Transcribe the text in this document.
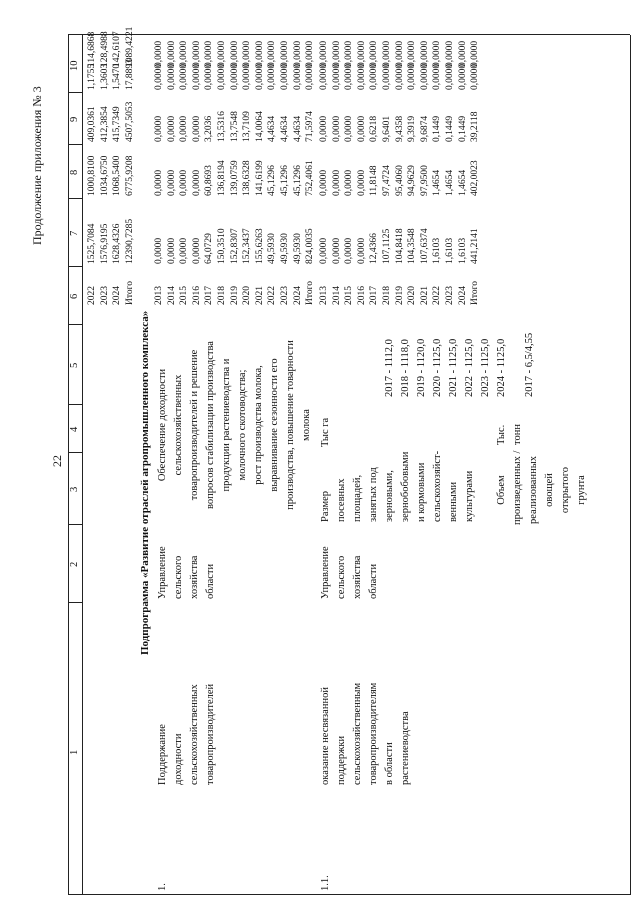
22
Продолжение приложения № 3
1
2
3
4
5
6
7
8
9
10
2022 2023 2024 Итого
1525,7084 1576,9195 1628,4326 12390,7285
1000,8100 1034,6750 1068,5400 6775,9208
409,0361 412,3854 415,7349 4507,5053
1,1755 1,3603 1,5470 17,8893
114,6868 128,4988 142,6107 1089,4221
Подпрограмма «Развитие отраслей агропромышленного комплекса»
1.
Поддержание доходности сельскохозяйственных товаропроизводителей
Управление сельского хозяйства области
Обеспечение доходности сельскохозяйственных товаропроизводителей и решение вопросов стабилизации производства продукции растениеводства и молочного скотоводства; рост производства молока, выравнивание сезонности его производства, повышение товарности молока
2013 2014 2015 2016 2017 2018 2019 2020 2021 2022 2023 2024 Итого
0,0000 0,0000 0,0000 0,0000 64,0729 150,3510 152,8307 152,3437 155,6263 49,5930 49,5930 49,5930 824,0035
0,0000 0,0000 0,0000 0,0000 60,8693 136,8194 139,0759 138,6328 141,6199 45,1296 45,1296 45,1296 752,4061
0,0000 0,0000 0,0000 0,0000 3,2036 13,5316 13,7548 13,7109 14,0064 4,4634 4,4634 4,4634 71,5974
0,0000 0,0000 0,0000 0,0000 0,0000 0,0000 0,0000 0,0000 0,0000 0,0000 0,0000 0,0000 0,0000
0,0000 0,0000 0,0000 0,0000 0,0000 0,0000 0,0000 0,0000 0,0000 0,0000 0,0000 0,0000 0,0000
1.1.
оказание несвязанной поддержки сельскохозяйственным товаропроизводителям в области растениеводства
Управление сельского хозяйства области
Размер посевных площадей, занятых под зерновыми, зернобобовыми и кормовыми сельскохозяйст- венными культурами
Тыс га
2017 - 1112,0 2018 - 1118,0 2019 - 1120,0 2020 - 1125,0 2021 - 1125,0 2022 - 1125,0 2023 - 1125,0 2024 - 1125,0
Объем произведенных / реализованных овощей открытого грунта
Тыс. тонн
2017 - 6,5/4,55
2013 2014 2015 2016 2017 2018 2019 2020 2021 2022 2023 2024 Итого
0,0000 0,0000 0,0000 0,0000 12,4366 107,1125 104,8418 104,3548 107,6374 1,6103 1,6103 1,6103 441,2141
0,0000 0,0000 0,0000 0,0000 11,8148 97,4724 95,4060 94,9629 97,9500 1,4654 1,4654 1,4654 402,0023
0,0000 0,0000 0,0000 0,0000 0,6218 9,6401 9,4358 9,3919 9,6874 0,1449 0,1449 0,1449 39,2118
0,0000 0,0000 0,0000 0,0000 0,0000 0,0000 0,0000 0,0000 0,0000 0,0000 0,0000 0,0000 0,0000
0,0000 0,0000 0,0000 0,0000 0,0000 0,0000 0,0000 0,0000 0,0000 0,0000 0,0000 0,0000 0,0000
